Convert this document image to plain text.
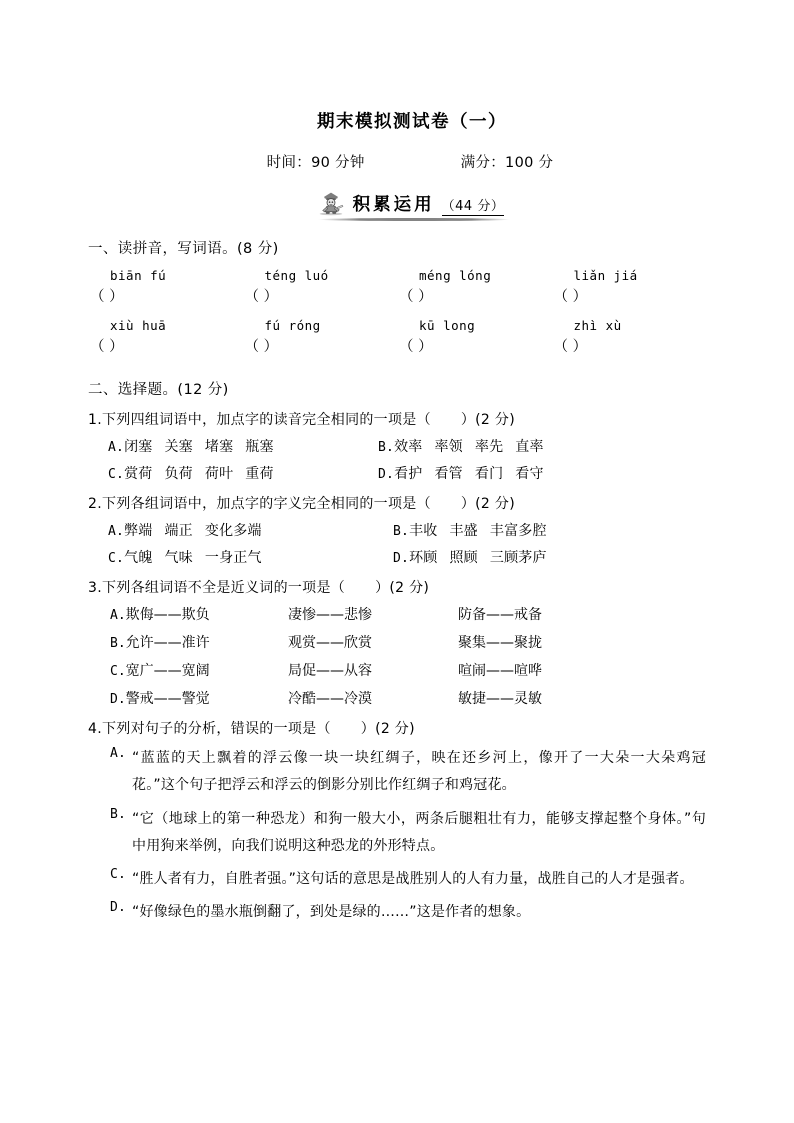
期末模拟测试卷（一）
时间：90 分钟	满分：100 分
积累运用 （44 分）
一、读拼音，写词语。(8 分)
biān fú	téng luó	méng lóng	liǎn jiá
（ ）	（ ）	（ ）	（ ）
xiù huā	fú róng	kū long	zhì xù
（ ）	（ ）	（ ）	（ ）
二、选择题。(12 分)
1.下列四组词语中，加点字的读音完全相同的一项是（ ）(2 分)
A.闭塞 关塞 堵塞 瓶塞	B.效率 率领 率先 直率
C.赏荷 负荷 荷叶 重荷	D.看护 看管 看门 看守
2.下列各组词语中，加点字的字义完全相同的一项是（ ）(2 分)
A.弊端 端正 变化多端	B.丰收 丰盛 丰富多腔
C.气魄 气味 一身正气	D.环顾 照顾 三顾茅庐
3.下列各组词语不全是近义词的一项是（ ）(2 分)
A.欺侮——欺负	凄惨——悲惨	防备——戒备
B.允许——准许	观赏——欣赏	聚集——聚拢
C.宽广——宽阔	局促——从容	喧闹——喧哗
D.警戒——警觉	冷酷——冷漠	敏捷——灵敏
4.下列对句子的分析，错误的一项是（ ）(2 分)
A. “蓝蓝的天上飘着的浮云像一块一块红绸子，映在还乡河上，像开了一大朵一大朵鸡冠花。”这个句子把浮云和浮云的倒影分别比作红绸子和鸡冠花。
B. “它（地球上的第一种恐龙）和狗一般大小，两条后腿粗壮有力，能够支撑起整个身体。”句中用狗来举例，向我们说明这种恐龙的外形特点。
C. “胜人者有力，自胜者强。”这句话的意思是战胜别人的人有力量，战胜自己的人才是强者。
D. “好像绿色的墨水瓶倒翻了，到处是绿的……”这是作者的想象。
